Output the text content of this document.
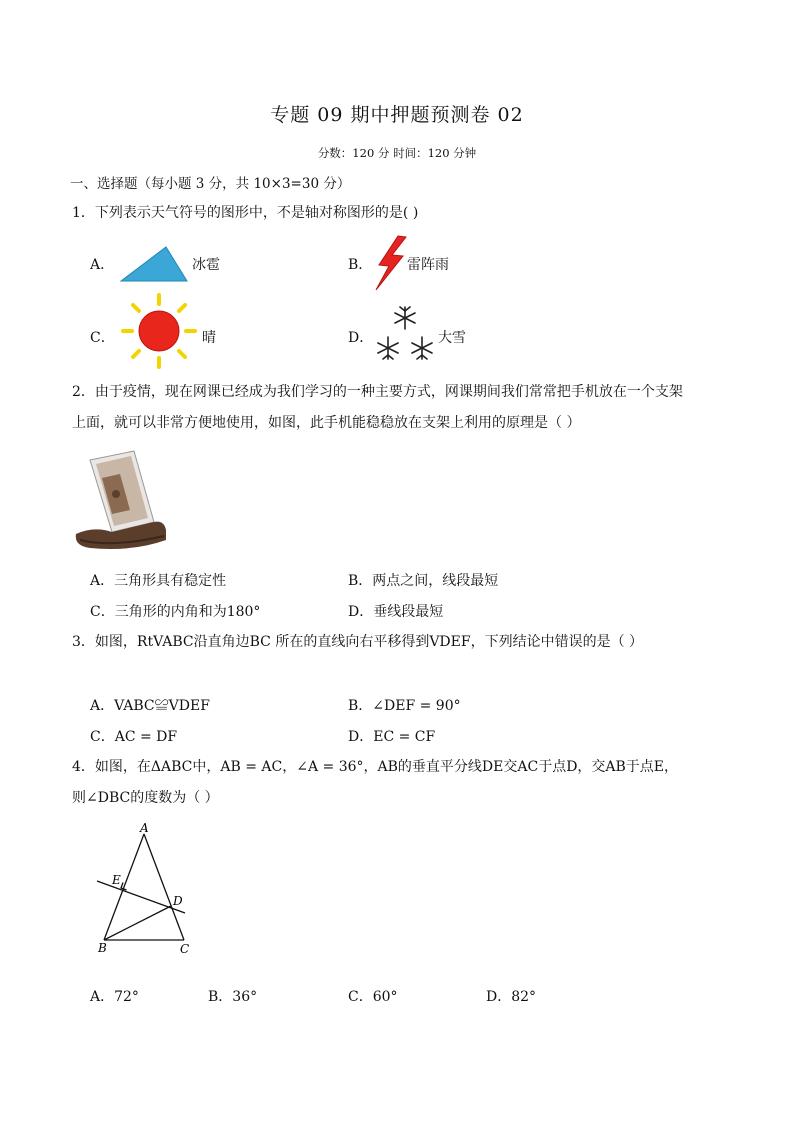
专题 09 期中押题预测卷 02
分数：120 分 时间：120 分钟
一、选择题（每小题 3 分，共 10×3=30 分）
1．下列表示天气符号的图形中，不是轴对称图形的是( )
A．	冰雹	B． 雷阵雨
C．	晴	D．	大雪
2．由于疫情，现在网课已经成为我们学习的一种主要方式，网课期间我们常常把手机放在一个支架
上面，就可以非常方便地使用，如图，此手机能稳稳放在支架上利用的原理是（ ）
A．三角形具有稳定性	B．两点之间，线段最短
C．三角形的内角和为180°	D．垂线段最短
3．如图，RtVABC沿直角边BC 所在的直线向右平移得到VDEF，下列结论中错误的是（ ）
A．VABC≌VDEF	B．∠DEF = 90°
C．AC = DF	D．EC = CF
4．如图，在ΔABC中，AB = AC，∠A = 36°，AB的垂直平分线DE交AC于点D，交AB于点E，
则∠DBC的度数为（ ）
A
B	C
D
E
A．72°	B．36°	C．60°	D．82°
